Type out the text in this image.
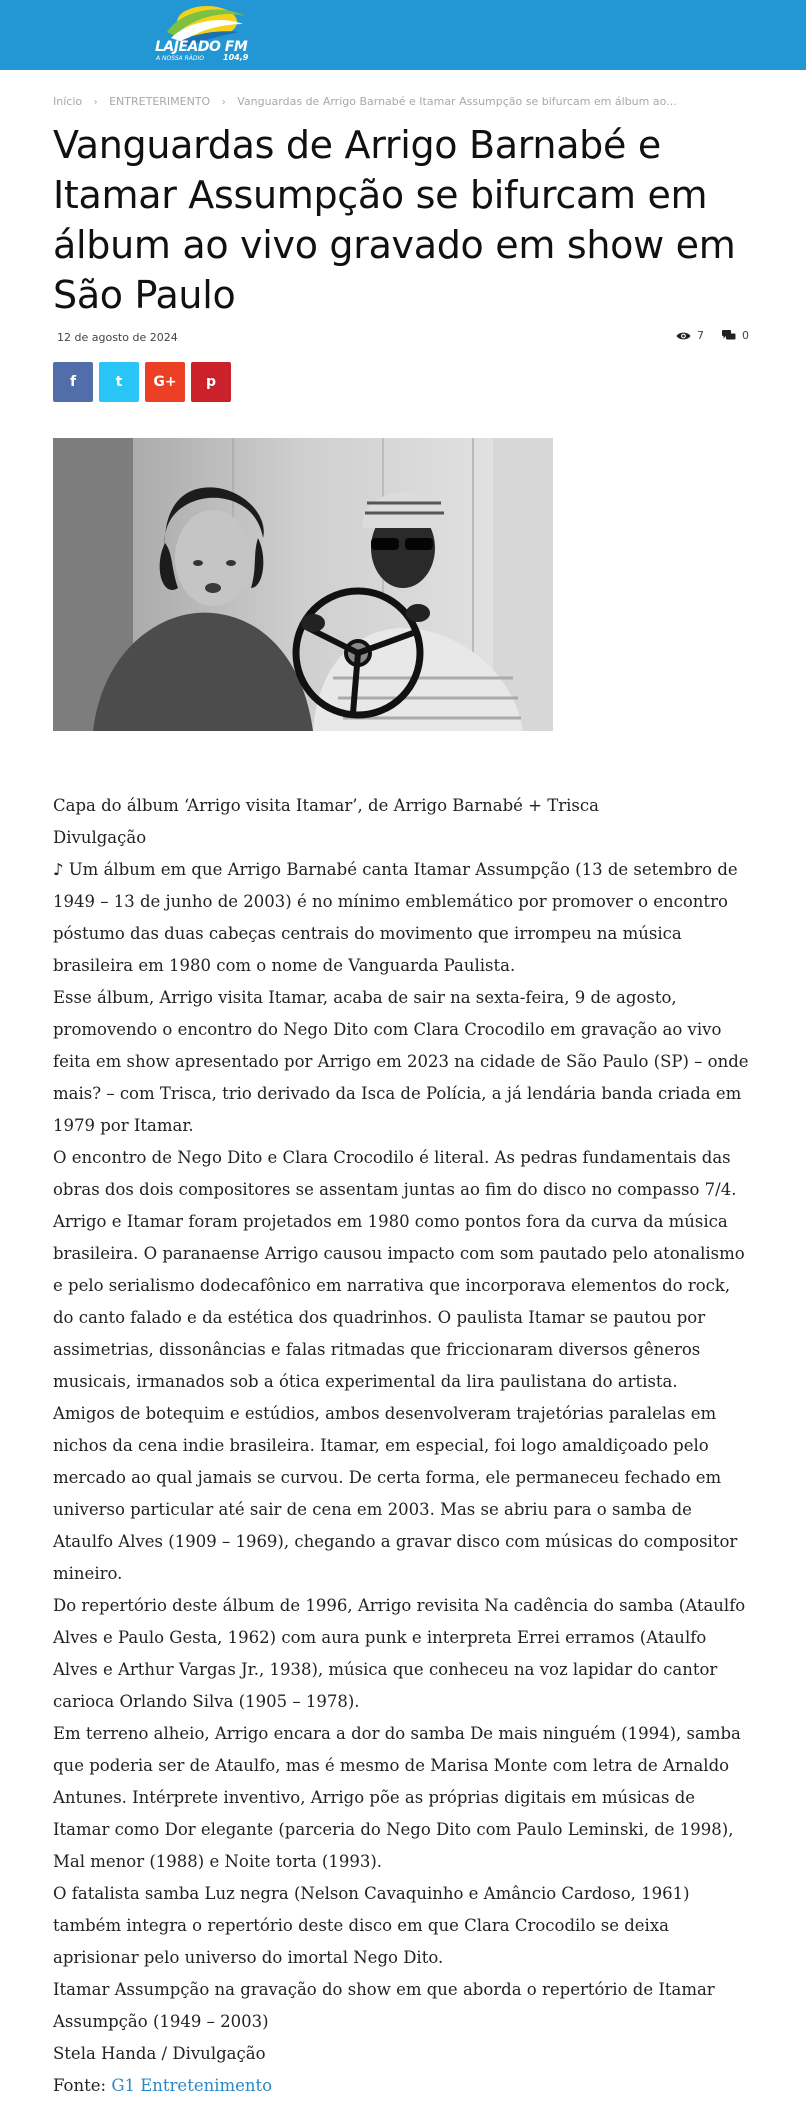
LAJEADO FM
A NOSSA RÁDIO 104,9
Início › ENTRETERIMENTO › Vanguardas de Arrigo Barnabé e Itamar Assumpção se bifurcam em álbum ao...
Vanguardas de Arrigo Barnabé e Itamar Assumpção se bifurcam em álbum ao vivo gravado em show em São Paulo
12 de agosto de 2024	7	0
f	t G+ p

Capa do álbum ‘Arrigo visita Itamar’, de Arrigo Barnabé + Trisca

Divulgação

♪ Um álbum em que Arrigo Barnabé canta Itamar Assumpção (13 de setembro de 1949 – 13 de junho de 2003) é no mínimo emblemático por promover o encontro póstumo das duas cabeças centrais do movimento que irrompeu na música brasileira em 1980 com o nome de Vanguarda Paulista.

Esse álbum, Arrigo visita Itamar, acaba de sair na sexta-feira, 9 de agosto, promovendo o encontro do Nego Dito com Clara Crocodilo em gravação ao vivo feita em show apresentado por Arrigo em 2023 na cidade de São Paulo (SP) – onde mais? – com Trisca, trio derivado da Isca de Polícia, a já lendária banda criada em 1979 por Itamar.

O encontro de Nego Dito e Clara Crocodilo é literal. As pedras fundamentais das obras dos dois compositores se assentam juntas ao fim do disco no compasso 7/4.

Arrigo e Itamar foram projetados em 1980 como pontos fora da curva da música brasileira. O paranaense Arrigo causou impacto com som pautado pelo atonalismo e pelo serialismo dodecafônico em narrativa que incorporava elementos do rock, do canto falado e da estética dos quadrinhos. O paulista Itamar se pautou por assimetrias, dissonâncias e falas ritmadas que friccionaram diversos gêneros musicais, irmanados sob a ótica experimental da lira paulistana do artista.

Amigos de botequim e estúdios, ambos desenvolveram trajetórias paralelas em nichos da cena indie brasileira. Itamar, em especial, foi logo amaldiçoado pelo mercado ao qual jamais se curvou. De certa forma, ele permaneceu fechado em universo particular até sair de cena em 2003. Mas se abriu para o samba de Ataulfo Alves (1909 – 1969), chegando a gravar disco com músicas do compositor mineiro.

Do repertório deste álbum de 1996, Arrigo revisita Na cadência do samba (Ataulfo Alves e Paulo Gesta, 1962) com aura punk e interpreta Errei erramos (Ataulfo Alves e Arthur Vargas Jr., 1938), música que conheceu na voz lapidar do cantor carioca Orlando Silva (1905 – 1978).

Em terreno alheio, Arrigo encara a dor do samba De mais ninguém (1994), samba que poderia ser de Ataulfo, mas é mesmo de Marisa Monte com letra de Arnaldo Antunes. Intérprete inventivo, Arrigo põe as próprias digitais em músicas de Itamar como Dor elegante (parceria do Nego Dito com Paulo Leminski, de 1998), Mal menor (1988) e Noite torta (1993).

O fatalista samba Luz negra (Nelson Cavaquinho e Amâncio Cardoso, 1961) também integra o repertório deste disco em que Clara Crocodilo se deixa aprisionar pelo universo do imortal Nego Dito.

Itamar Assumpção na gravação do show em que aborda o repertório de Itamar Assumpção (1949 – 2003)

Stela Handa / Divulgação

Fonte: G1 Entretenimento
